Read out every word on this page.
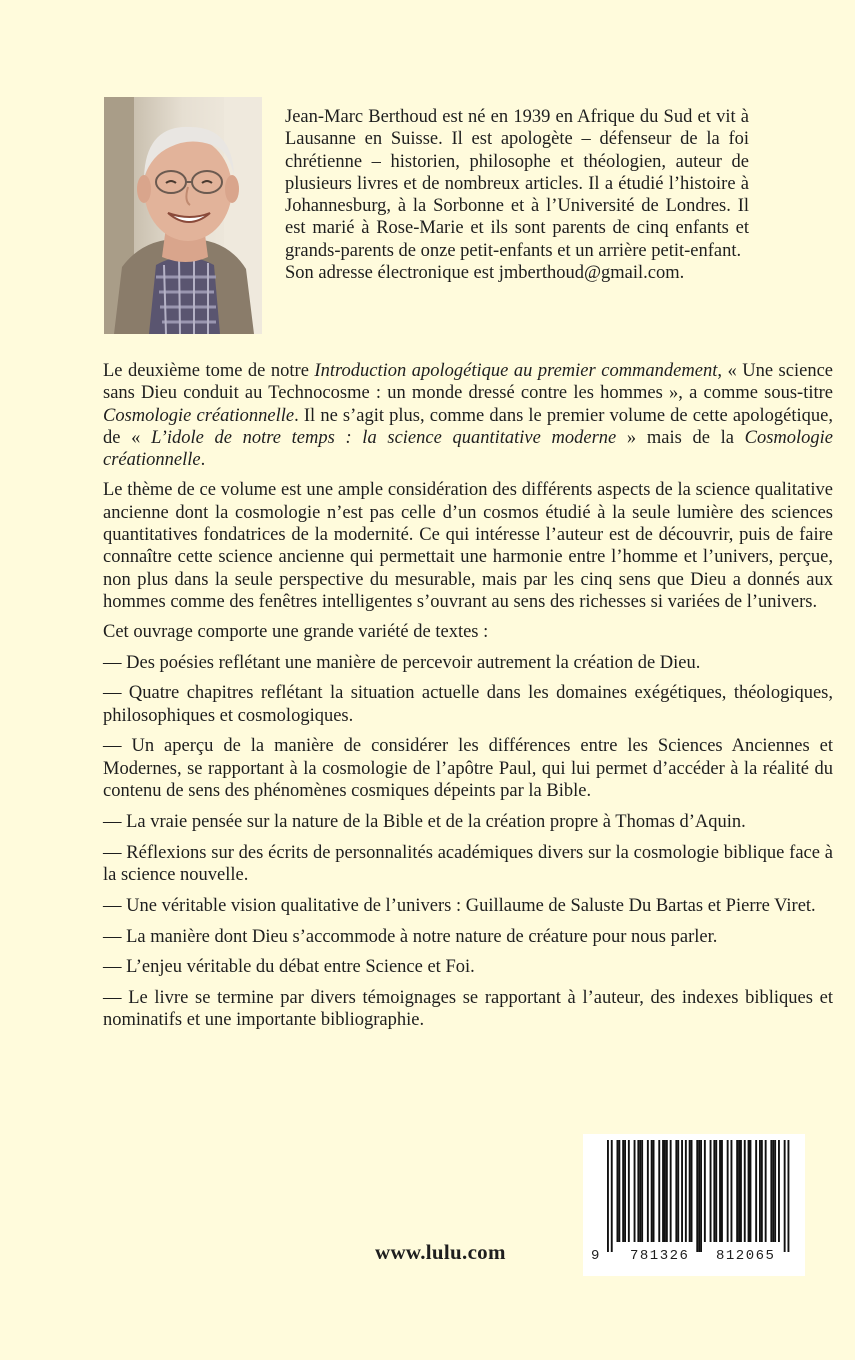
Jean-Marc Berthoud est né en 1939 en Afrique du Sud et vit à Lausanne en Suisse. Il est apologète – défenseur de la foi chrétienne – historien, philosophe et théologien, auteur de plusieurs livres et de nombreux articles. Il a étudié l’histoire à Johannesburg, à la Sorbonne et à l’Université de Londres. Il est marié à Rose-Marie et ils sont parents de cinq enfants et grands-parents de onze petit-enfants et un arrière petit-enfant.

Son adresse électronique est jmberthoud@gmail.com.

Le deuxième tome de notre Introduction apologétique au premier commandement, « Une science sans Dieu conduit au Technocosme : un monde dressé contre les hommes », a comme sous-titre Cosmologie créationnelle. Il ne s’agit plus, comme dans le premier volume de cette apologétique, de « L’idole de notre temps : la science quantitative moderne » mais de la Cosmologie créationnelle.

Le thème de ce volume est une ample considération des différents aspects de la science qualitative ancienne dont la cosmologie n’est pas celle d’un cosmos étudié à la seule lumière des sciences quantitatives fondatrices de la modernité. Ce qui intéresse l’auteur est de découvrir, puis de faire connaître cette science ancienne qui permettait une harmonie entre l’homme et l’univers, perçue, non plus dans la seule perspective du mesurable, mais par les cinq sens que Dieu a donnés aux hommes comme des fenêtres intelligentes s’ouvrant au sens des richesses si variées de l’univers.

Cet ouvrage comporte une grande variété de textes :

— Des poésies reflétant une manière de percevoir autrement la création de Dieu.

— Quatre chapitres reflétant la situation actuelle dans les domaines exégétiques, théologiques, philosophiques et cosmologiques.

— Un aperçu de la manière de considérer les différences entre les Sciences Anciennes et Modernes, se rapportant à la cosmologie de l’apôtre Paul, qui lui permet d’accéder à la réalité du contenu de sens des phénomènes cosmiques dépeints par la Bible.

— La vraie pensée sur la nature de la Bible et de la création propre à Thomas d’Aquin.

— Réflexions sur des écrits de personnalités académiques divers sur la cosmologie biblique face à la science nouvelle.

— Une véritable vision qualitative de l’univers : Guillaume de Saluste Du Bartas et Pierre Viret.

— La manière dont Dieu s’accommode à notre nature de créature pour nous parler.

— L’enjeu véritable du débat entre Science et Foi.

— Le livre se termine par divers témoignages se rapportant à l’auteur, des indexes bibliques et nominatifs et une importante bibliographie.

www.lulu.com	9 781326 812065
